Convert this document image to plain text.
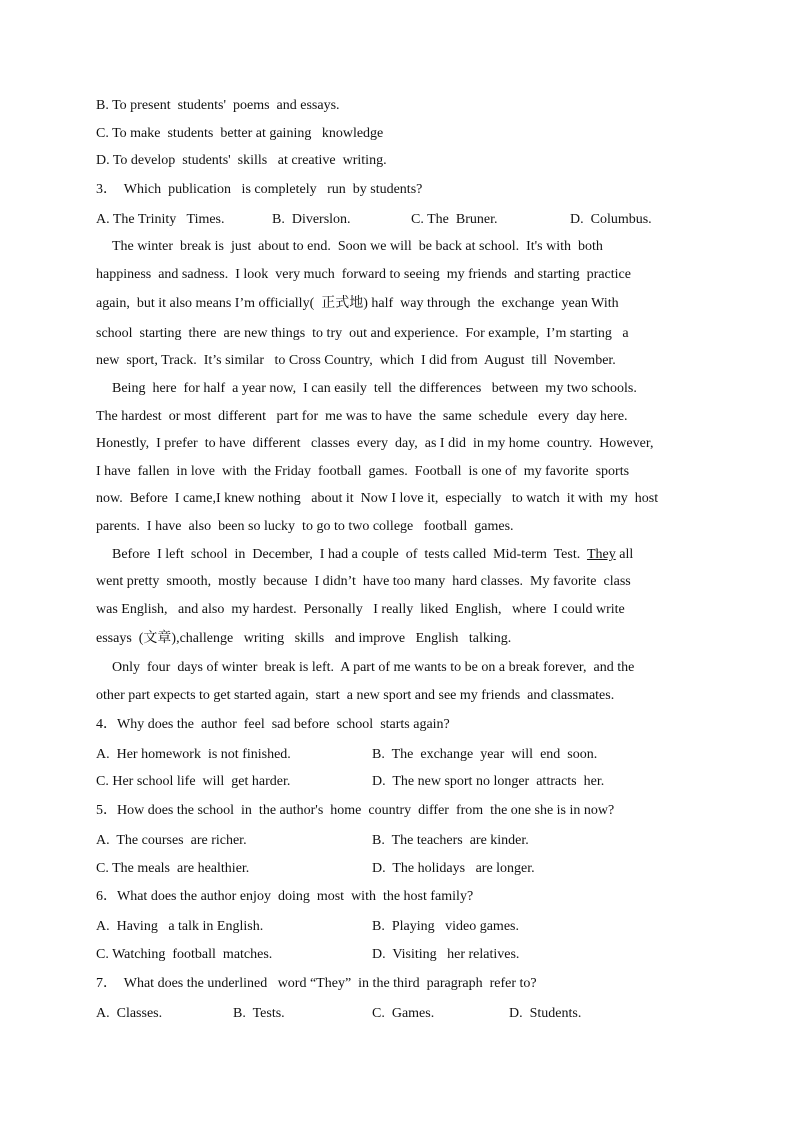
B. To present  students'  poems  and essays.
C. To make  students  better at gaining   knowledge
D. To develop  students'  skills   at creative  writing.
3．  Which  publication   is completely   run  by students?
A. The Trinity   Times.	B.  Diverslon.	C. The  Bruner.	D.  Columbus.
The winter  break is  just  about to end.  Soon we will  be back at school.  It's with  both
happiness  and sadness.  I look  very much  forward to seeing  my friends  and starting  practice
again,  but it also means I’m officially(  正式地) half  way through  the  exchange  yean With
school  starting  there  are new things  to try  out and experience.  For example,  I’m starting   a
new  sport, Track.  It’s similar   to Cross Country,  which  I did from  August  till  November.
Being  here  for half  a year now,  I can easily  tell  the differences   between  my two schools.
The hardest  or most  different   part for  me was to have  the  same  schedule   every  day here.
Honestly,  I prefer  to have  different   classes  every  day,  as I did  in my home  country.  However,
I have  fallen  in love  with  the Friday  football  games.  Football  is one of  my favorite  sports
now.  Before  I came,I knew nothing   about it  Now I love it,  especially   to watch  it with  my  host
parents.  I have  also  been so lucky  to go to two college   football  games.
Before  I left  school  in  December,  I had a couple  of  tests called  Mid-term  Test.  They all
went pretty  smooth,  mostly  because  I didn’t  have too many  hard classes.  My favorite  class
was English,   and also  my hardest.  Personally   I really  liked  English,   where  I could write
essays  (文章),challenge   writing   skills   and improve   English   talking.
Only  four  days of winter  break is left.  A part of me wants to be on a break forever,  and the
other part expects to get started again,  start  a new sport and see my friends  and classmates.
4．Why does the  author  feel  sad before  school  starts again?
A.  Her homework  is not finished.	B.  The  exchange  year  will  end  soon.
C. Her school life  will  get harder.	D.  The new sport no longer  attracts  her.
5．How does the school  in  the author's  home  country  differ  from  the one she is in now?
A.  The courses  are richer.	B.  The teachers  are kinder.
C. The meals  are healthier.	D.  The holidays   are longer.
6．What does the author enjoy  doing  most  with  the host family?
A.  Having   a talk in English.	B.  Playing   video games.
C. Watching  football  matches.	D.  Visiting   her relatives.
7．  What does the underlined   word “They”  in the third  paragraph  refer to?
A.  Classes.	B.  Tests.	C.  Games.	D.  Students.
